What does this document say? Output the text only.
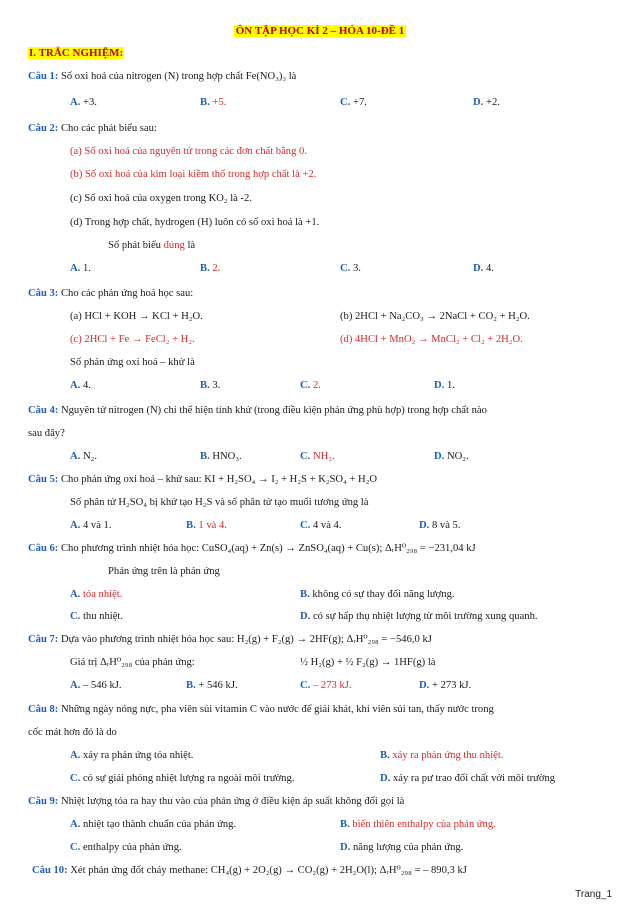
ÔN TẬP HỌC KÌ 2 – HÓA 10-ĐỀ 1
I. TRẮC NGHIỆM:
Câu 1: Số oxi hoá của nitrogen (N) trong hợp chất Fe(NO₃)₃ là
A. +3.	B. +5.	C. +7.	D. +2.
Câu 2: Cho các phát biểu sau:
(a) Số oxi hoá của nguyên tử trong các đơn chất bằng 0.
(b) Số oxi hoá của kim loại kiềm thổ trong hợp chất là +2.
(c) Số oxi hoá của oxygen trong KO₂ là -2.
(d) Trong hợp chất, hydrogen (H) luôn có số oxi hoá là +1.
Số phát biểu đúng là
A. 1.	B. 2.	C. 3.	D. 4.
Câu 3: Cho các phản ứng hoá học sau:
(a) HCl + KOH → KCl + H₂O.	(b) 2HCl + Na₂CO₃ → 2NaCl + CO₂ + H₂O.
(c) 2HCl + Fe → FeCl₂ + H₂.	(d) 4HCl + MnO₂ → MnCl₂ + Cl₂ + 2H₂O.
Số phản ứng oxi hoá – khử là
A. 4.	B. 3.	C. 2.	D. 1.
Câu 4: Nguyên tử nitrogen (N) chỉ thể hiện tính khử (trong điều kiện phản ứng phù hợp) trong hợp chất nào
sau đây?
A. N₂.	B. HNO₃.	C. NH₃.	D. NO₂.
Câu 5: Cho phản ứng oxi hoá – khử sau: KI + H₂SO₄ → I₂ + H₂S + K₂SO₄ + H₂O
Số phân tử H₂SO₄ bị khử tạo H₂S và số phân tử tạo muối tương ứng là
A. 4 và 1.	B. 1 và 4.	C. 4 và 4.	D. 8 và 5.
Câu 6: Cho phương trình nhiệt hóa học: CuSO₄(aq) + Zn(s) → ZnSO₄(aq) + Cu(s); ΔᵣH⁰₂₉₈ = −231,04 kJ
Phản ứng trên là phản ứng
A. tỏa nhiệt.	B. không có sự thay đổi năng lượng.
C. thu nhiệt.	D. có sự hấp thụ nhiệt lượng từ môi trường xung quanh.
Câu 7: Dựa vào phương trình nhiệt hóa học sau: H₂(g) + F₂(g) → 2HF(g); ΔᵣH⁰₂₉₈ = −546,0 kJ
Giá trị ΔᵣH⁰₂₉₈ của phản ứng:	½ H₂(g) + ½ F₂(g) → 1HF(g) là
A. – 546 kJ.	B. + 546 kJ.	C. – 273 kJ.	D. + 273 kJ.
Câu 8: Những ngày nóng nực, pha viên sủi vitamin C vào nước để giải khát, khi viên sủi tan, thấy nước trong
cốc mát hơn đó là do
A. xảy ra phản ứng tỏa nhiệt.	B. xảy ra phản ứng thu nhiệt.
C. có sự giải phóng nhiệt lượng ra ngoài môi trường.	D. xảy ra pư trao đổi chất với môi trường
Câu 9: Nhiệt lượng tỏa ra hay thu vào của phản ứng ở điều kiện áp suất không đổi gọi là
A. nhiệt tạo thành chuẩn của phản ứng.	B. biến thiên enthalpy của phản ứng.
C. enthalpy của phản ứng.	D. năng lượng của phản ứng.
Câu 10: Xét phản ứng đốt cháy methane: CH₄(g) + 2O₂(g) → CO₂(g) + 2H₂O(l); ΔᵣH⁰₂₉₈ = – 890,3 kJ
Trang_1
